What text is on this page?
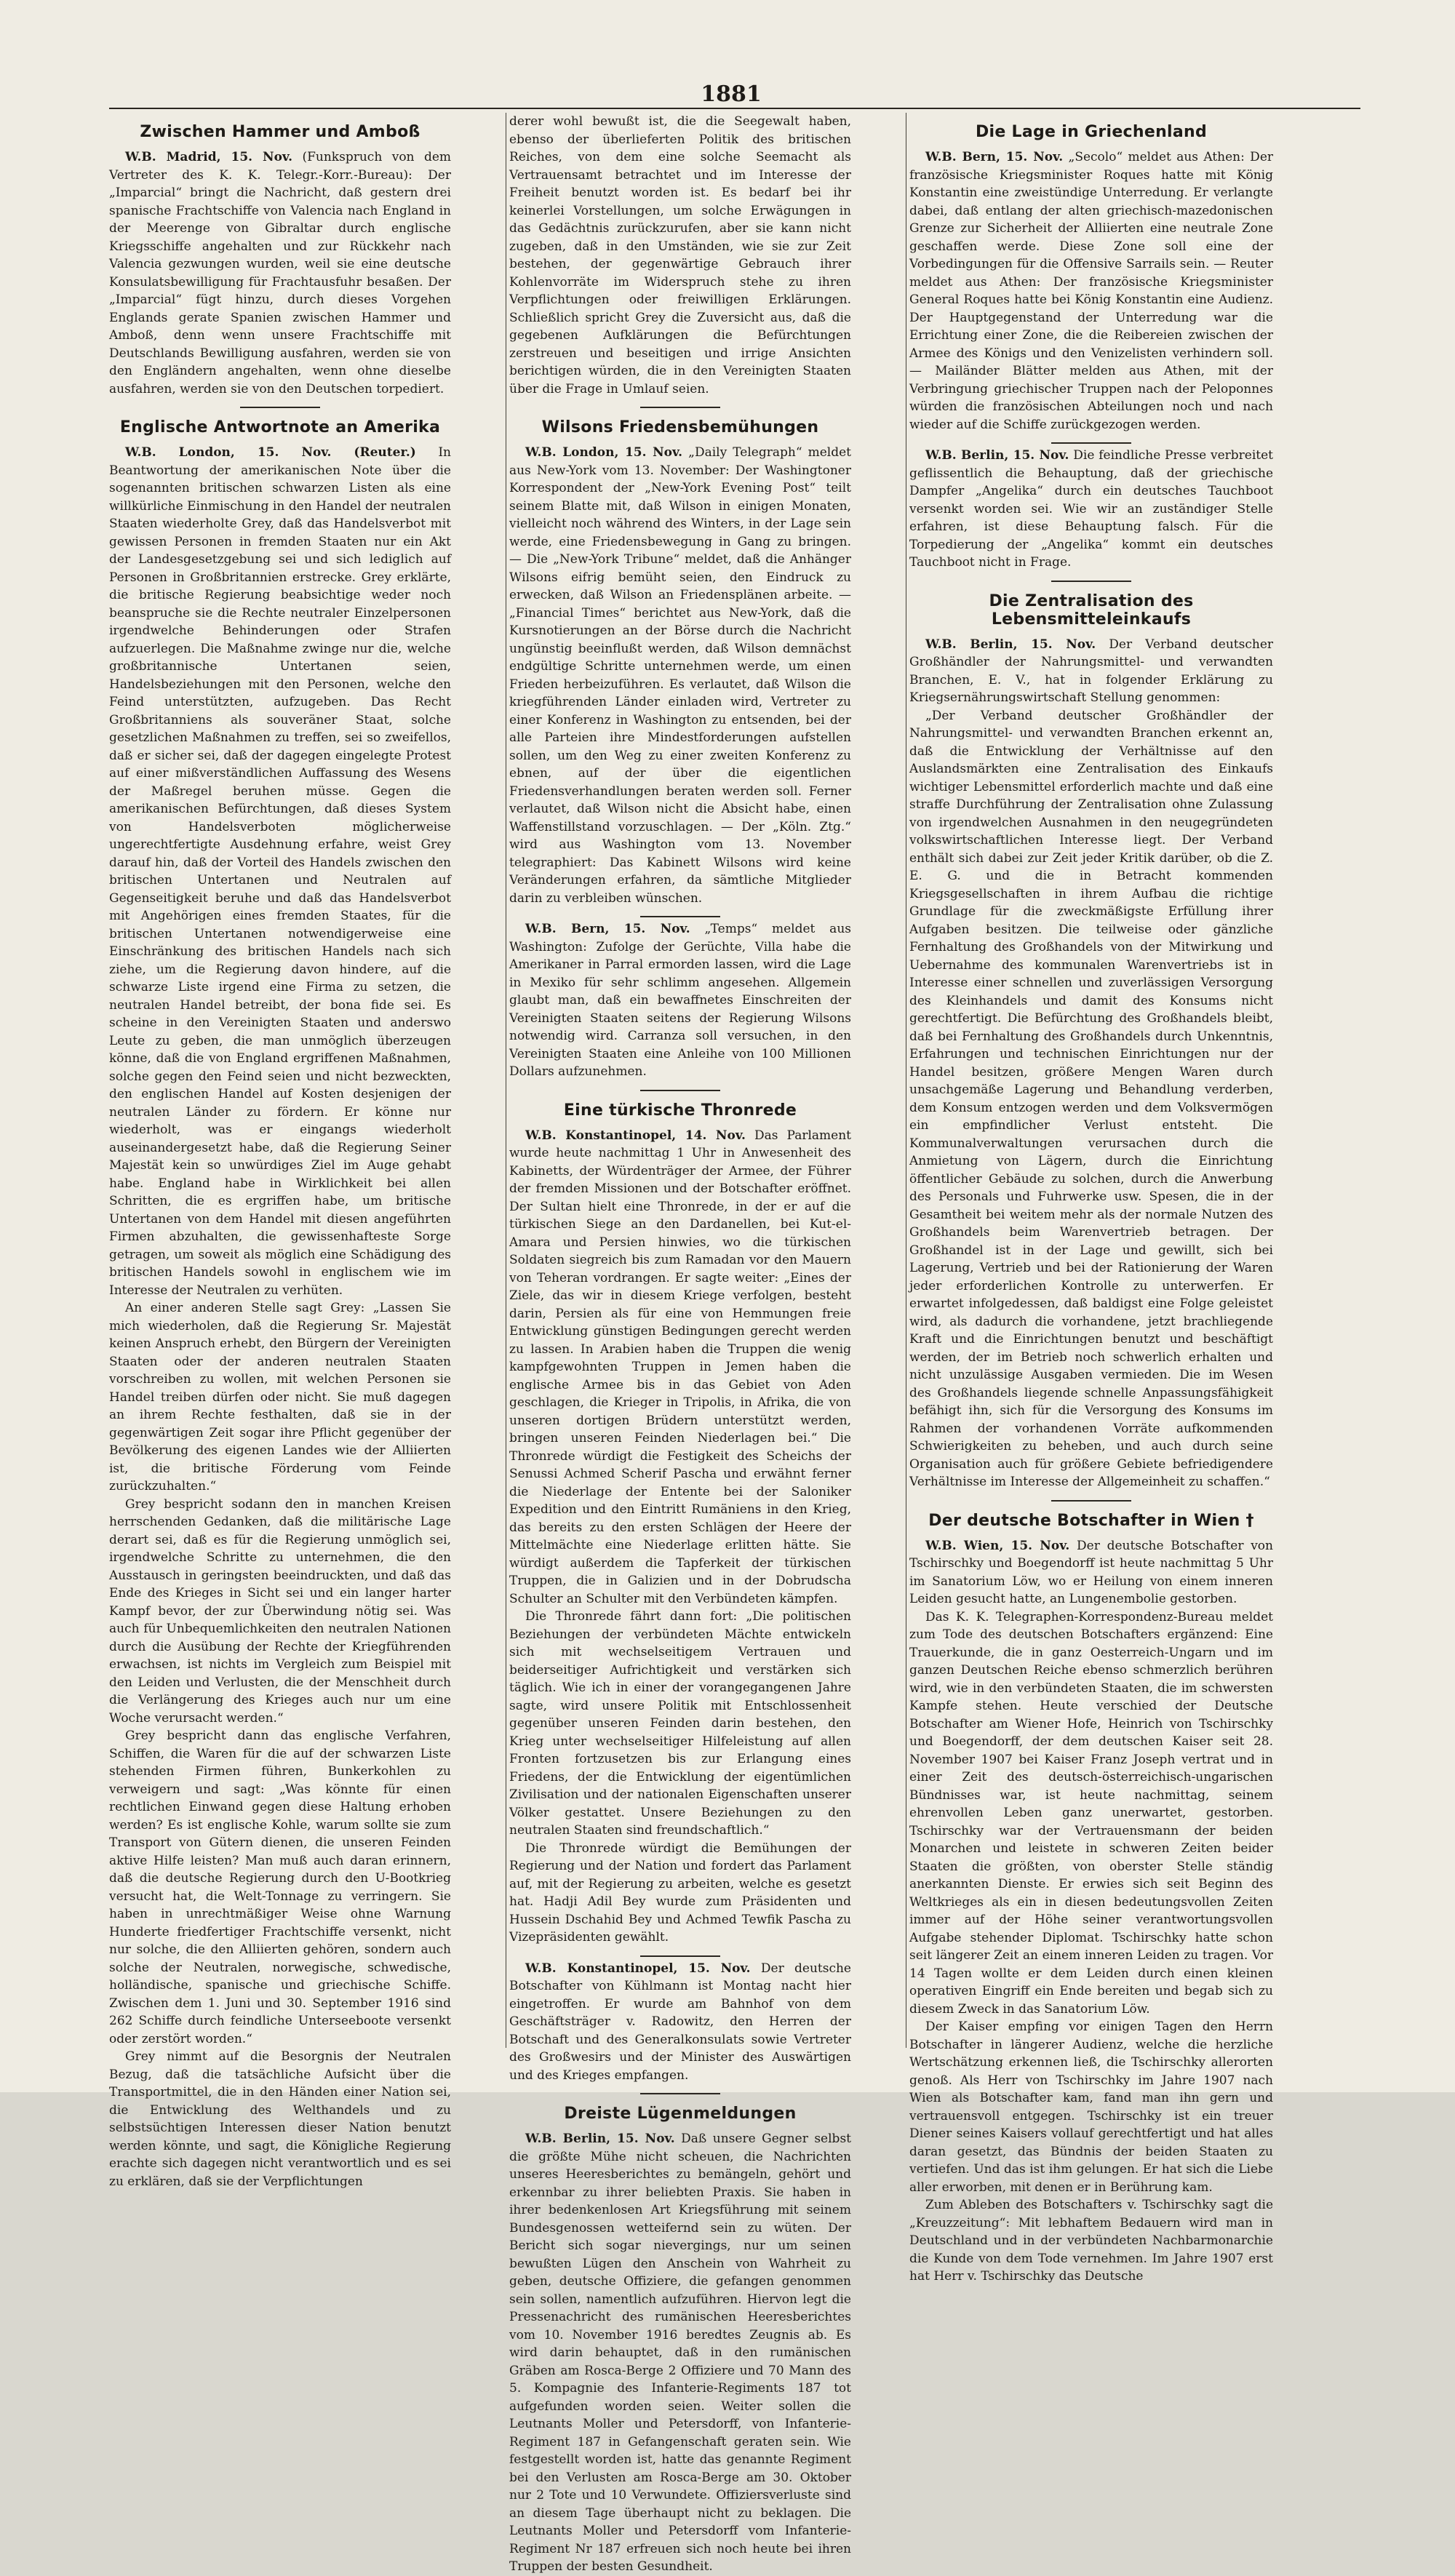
1881
Zwischen Hammer und Amboß

W.B. Madrid, 15. Nov. (Funkspruch von dem Vertreter des K. K. Telegr.-Korr.-Bureau): Der „Imparcial“ bringt die Nachricht, daß gestern drei spanische Frachtschiffe von Valencia nach England in der Meerenge von Gibraltar durch englische Kriegsschiffe angehalten und zur Rückkehr nach Valencia gezwungen wurden, weil sie eine deutsche Konsulatsbewilligung für Frachtausfuhr besaßen. Der „Imparcial“ fügt hinzu, durch dieses Vorgehen Englands gerate Spanien zwischen Hammer und Amboß, denn wenn unsere Frachtschiffe mit Deutschlands Bewilligung ausfahren, werden sie von den Engländern angehalten, wenn ohne dieselbe ausfahren, werden sie von den Deutschen torpediert.

Englische Antwortnote an Amerika

W.B. London, 15. Nov. (Reuter.) In Beantwortung der amerikanischen Note über die sogenannten britischen schwarzen Listen als eine willkürliche Einmischung in den Handel der neutralen Staaten wiederholte Grey, daß das Handelsverbot mit gewissen Personen in fremden Staaten nur ein Akt der Landesgesetzgebung sei und sich lediglich auf Personen in Großbritannien erstrecke. Grey erklärte, die britische Regierung beabsichtige weder noch beanspruche sie die Rechte neutraler Einzelpersonen irgendwelche Behinderungen oder Strafen aufzuerlegen. Die Maßnahme zwinge nur die, welche großbritannische Untertanen seien, Handelsbeziehungen mit den Personen, welche den Feind unterstützten, aufzugeben. Das Recht Großbritanniens als souveräner Staat, solche gesetzlichen Maßnahmen zu treffen, sei so zweifellos, daß er sicher sei, daß der dagegen eingelegte Protest auf einer mißverständlichen Auffassung des Wesens der Maßregel beruhen müsse. Gegen die amerikanischen Befürchtungen, daß dieses System von Handelsverboten möglicherweise ungerechtfertigte Ausdehnung erfahre, weist Grey darauf hin, daß der Vorteil des Handels zwischen den britischen Untertanen und Neutralen auf Gegenseitigkeit beruhe und daß das Handelsverbot mit Angehörigen eines fremden Staates, für die britischen Untertanen notwendigerweise eine Einschränkung des britischen Handels nach sich ziehe, um die Regierung davon hindere, auf die schwarze Liste irgend eine Firma zu setzen, die neutralen Handel betreibt, der bona fide sei. Es scheine in den Vereinigten Staaten und anderswo Leute zu geben, die man unmöglich überzeugen könne, daß die von England ergriffenen Maßnahmen, solche gegen den Feind seien und nicht bezweckten, den englischen Handel auf Kosten desjenigen der neutralen Länder zu fördern. Er könne nur wiederholt, was er eingangs wiederholt auseinandergesetzt habe, daß die Regierung Seiner Majestät kein so unwürdiges Ziel im Auge gehabt habe. England habe in Wirklichkeit bei allen Schritten, die es ergriffen habe, um britische Untertanen von dem Handel mit diesen angeführten Firmen abzuhalten, die gewissenhafteste Sorge getragen, um soweit als möglich eine Schädigung des britischen Handels sowohl in englischem wie im Interesse der Neutralen zu verhüten.

An einer anderen Stelle sagt Grey: „Lassen Sie mich wiederholen, daß die Regierung Sr. Majestät keinen Anspruch erhebt, den Bürgern der Vereinigten Staaten oder der anderen neutralen Staaten vorschreiben zu wollen, mit welchen Personen sie Handel treiben dürfen oder nicht. Sie muß dagegen an ihrem Rechte festhalten, daß sie in der gegenwärtigen Zeit sogar ihre Pflicht gegenüber der Bevölkerung des eigenen Landes wie der Alliierten ist, die britische Förderung vom Feinde zurückzuhalten.“

Grey bespricht sodann den in manchen Kreisen herrschenden Gedanken, daß die militärische Lage derart sei, daß es für die Regierung unmöglich sei, irgendwelche Schritte zu unternehmen, die den Ausstausch in geringsten beeindruckten, und daß das Ende des Krieges in Sicht sei und ein langer harter Kampf bevor, der zur Überwindung nötig sei. Was auch für Unbequemlichkeiten den neutralen Nationen durch die Ausübung der Rechte der Kriegführenden erwachsen, ist nichts im Vergleich zum Beispiel mit den Leiden und Verlusten, die der Menschheit durch die Verlängerung des Krieges auch nur um eine Woche verursacht werden.“

Grey bespricht dann das englische Verfahren, Schiffen, die Waren für die auf der schwarzen Liste stehenden Firmen führen, Bunkerkohlen zu verweigern und sagt: „Was könnte für einen rechtlichen Einwand gegen diese Haltung erhoben werden? Es ist englische Kohle, warum sollte sie zum Transport von Gütern dienen, die unseren Feinden aktive Hilfe leisten? Man muß auch daran erinnern, daß die deutsche Regierung durch den U-Bootkrieg versucht hat, die Welt-Tonnage zu verringern. Sie haben in unrechtmäßiger Weise ohne Warnung Hunderte friedfertiger Frachtschiffe versenkt, nicht nur solche, die den Alliierten gehören, sondern auch solche der Neutralen, norwegische, schwedische, holländische, spanische und griechische Schiffe. Zwischen dem 1. Juni und 30. September 1916 sind 262 Schiffe durch feindliche Unterseeboote versenkt oder zerstört worden.“

Grey nimmt auf die Besorgnis der Neutralen Bezug, daß die tatsächliche Aufsicht über die Transportmittel, die in den Händen einer Nation sei, die Entwicklung des Welthandels und zu selbstsüchtigen Interessen dieser Nation benutzt werden könnte, und sagt, die Königliche Regierung erachte sich dagegen nicht verantwortlich und es sei zu erklären, daß sie der Verpflichtungen

derer wohl bewußt ist, die die Seegewalt haben, ebenso der überlieferten Politik des britischen Reiches, von dem eine solche Seemacht als Vertrauensamt betrachtet und im Interesse der Freiheit benutzt worden ist. Es bedarf bei ihr keinerlei Vorstellungen, um solche Erwägungen in das Gedächtnis zurückzurufen, aber sie kann nicht zugeben, daß in den Umständen, wie sie zur Zeit bestehen, der gegenwärtige Gebrauch ihrer Kohlenvorräte im Widerspruch stehe zu ihren Verpflichtungen oder freiwilligen Erklärungen. Schließlich spricht Grey die Zuversicht aus, daß die gegebenen Aufklärungen die Befürchtungen zerstreuen und beseitigen und irrige Ansichten berichtigen würden, die in den Vereinigten Staaten über die Frage in Umlauf seien.

Wilsons Friedensbemühungen

W.B. London, 15. Nov. „Daily Telegraph“ meldet aus New-York vom 13. November: Der Washingtoner Korrespondent der „New-York Evening Post“ teilt seinem Blatte mit, daß Wilson in einigen Monaten, vielleicht noch während des Winters, in der Lage sein werde, eine Friedensbewegung in Gang zu bringen. — Die „New-York Tribune“ meldet, daß die Anhänger Wilsons eifrig bemüht seien, den Eindruck zu erwecken, daß Wilson an Friedensplänen arbeite. — „Financial Times“ berichtet aus New-York, daß die Kursnotierungen an der Börse durch die Nachricht ungünstig beeinflußt werden, daß Wilson demnächst endgültige Schritte unternehmen werde, um einen Frieden herbeizuführen. Es verlautet, daß Wilson die kriegführenden Länder einladen wird, Vertreter zu einer Konferenz in Washington zu entsenden, bei der alle Parteien ihre Mindestforderungen aufstellen sollen, um den Weg zu einer zweiten Konferenz zu ebnen, auf der über die eigentlichen Friedensverhandlungen beraten werden soll. Ferner verlautet, daß Wilson nicht die Absicht habe, einen Waffenstillstand vorzuschlagen. — Der „Köln. Ztg.“ wird aus Washington vom 13. November telegraphiert: Das Kabinett Wilsons wird keine Veränderungen erfahren, da sämtliche Mitglieder darin zu verbleiben wünschen.

W.B. Bern, 15. Nov. „Temps“ meldet aus Washington: Zufolge der Gerüchte, Villa habe die Amerikaner in Parral ermorden lassen, wird die Lage in Mexiko für sehr schlimm angesehen. Allgemein glaubt man, daß ein bewaffnetes Einschreiten der Vereinigten Staaten seitens der Regierung Wilsons notwendig wird. Carranza soll versuchen, in den Vereinigten Staaten eine Anleihe von 100 Millionen Dollars aufzunehmen.

Eine türkische Thronrede

W.B. Konstantinopel, 14. Nov. Das Parlament wurde heute nachmittag 1 Uhr in Anwesenheit des Kabinetts, der Würdenträger der Armee, der Führer der fremden Missionen und der Botschafter eröffnet. Der Sultan hielt eine Thronrede, in der er auf die türkischen Siege an den Dardanellen, bei Kut-el-Amara und Persien hinwies, wo die türkischen Soldaten siegreich bis zum Ramadan vor den Mauern von Teheran vordrangen. Er sagte weiter: „Eines der Ziele, das wir in diesem Kriege verfolgen, besteht darin, Persien als für eine von Hemmungen freie Entwicklung günstigen Bedingungen gerecht werden zu lassen. In Arabien haben die Truppen die wenig kampfgewohnten Truppen in Jemen haben die englische Armee bis in das Gebiet von Aden geschlagen, die Krieger in Tripolis, in Afrika, die von unseren dortigen Brüdern unterstützt werden, bringen unseren Feinden Niederlagen bei.“ Die Thronrede würdigt die Festigkeit des Scheichs der Senussi Achmed Scherif Pascha und erwähnt ferner die Niederlage der Entente bei der Saloniker Expedition und den Eintritt Rumäniens in den Krieg, das bereits zu den ersten Schlägen der Heere der Mittelmächte eine Niederlage erlitten hätte. Sie würdigt außerdem die Tapferkeit der türkischen Truppen, die in Galizien und in der Dobrudscha Schulter an Schulter mit den Verbündeten kämpfen.

Die Thronrede fährt dann fort: „Die politischen Beziehungen der verbündeten Mächte entwickeln sich mit wechselseitigem Vertrauen und beiderseitiger Aufrichtigkeit und verstärken sich täglich. Wie ich in einer der vorangegangenen Jahre sagte, wird unsere Politik mit Entschlossenheit gegenüber unseren Feinden darin bestehen, den Krieg unter wechselseitiger Hilfeleistung auf allen Fronten fortzusetzen bis zur Erlangung eines Friedens, der die Entwicklung der eigentümlichen Zivilisation und der nationalen Eigenschaften unserer Völker gestattet. Unsere Beziehungen zu den neutralen Staaten sind freundschaftlich.“

Die Thronrede würdigt die Bemühungen der Regierung und der Nation und fordert das Parlament auf, mit der Regierung zu arbeiten, welche es gesetzt hat. Hadji Adil Bey wurde zum Präsidenten und Hussein Dschahid Bey und Achmed Tewfik Pascha zu Vizepräsidenten gewählt.

W.B. Konstantinopel, 15. Nov. Der deutsche Botschafter von Kühlmann ist Montag nacht hier eingetroffen. Er wurde am Bahnhof von dem Geschäftsträger v. Radowitz, den Herren der Botschaft und des Generalkonsulats sowie Vertreter des Großwesirs und der Minister des Auswärtigen und des Krieges empfangen.

Dreiste Lügenmeldungen

W.B. Berlin, 15. Nov. Daß unsere Gegner selbst die größte Mühe nicht scheuen, die Nachrichten unseres Heeresberichtes zu bemängeln, gehört und erkennbar zu ihrer beliebten Praxis. Sie haben in ihrer bedenkenlosen Art Kriegsführung mit seinem Bundesgenossen wetteifernd sein zu wüten. Der Bericht sich sogar nievergings, nur um seinen bewußten Lügen den Anschein von Wahrheit zu geben, deutsche Offiziere, die gefangen genommen sein sollen, namentlich aufzuführen. Hiervon legt die Pressenachricht des rumänischen Heeresberichtes vom 10. November 1916 beredtes Zeugnis ab. Es wird darin behauptet, daß in den rumänischen Gräben am Rosca-Berge 2 Offiziere und 70 Mann des 5. Kompagnie des Infanterie-Regiments 187 tot aufgefunden worden seien. Weiter sollen die Leutnants Moller und Petersdorff, von Infanterie-Regiment 187 in Gefangenschaft geraten sein. Wie festgestellt worden ist, hatte das genannte Regiment bei den Verlusten am Rosca-Berge am 30. Oktober nur 2 Tote und 10 Verwundete. Offiziersverluste sind an diesem Tage überhaupt nicht zu beklagen. Die Leutnants Moller und Petersdorff vom Infanterie-Regiment Nr 187 erfreuen sich noch heute bei ihren Truppen der besten Gesundheit.

Die Lage in Griechenland

W.B. Bern, 15. Nov. „Secolo“ meldet aus Athen: Der französische Kriegsminister Roques hatte mit König Konstantin eine zweistündige Unterredung. Er verlangte dabei, daß entlang der alten griechisch-mazedonischen Grenze zur Sicherheit der Alliierten eine neutrale Zone geschaffen werde. Diese Zone soll eine der Vorbedingungen für die Offensive Sarrails sein. — Reuter meldet aus Athen: Der französische Kriegsminister General Roques hatte bei König Konstantin eine Audienz. Der Hauptgegenstand der Unterredung war die Errichtung einer Zone, die die Reibereien zwischen der Armee des Königs und den Venizelisten verhindern soll. — Mailänder Blätter melden aus Athen, mit der Verbringung griechischer Truppen nach der Peloponnes würden die französischen Abteilungen noch und nach wieder auf die Schiffe zurückgezogen werden.

W.B. Berlin, 15. Nov. Die feindliche Presse verbreitet geflissentlich die Behauptung, daß der griechische Dampfer „Angelika“ durch ein deutsches Tauchboot versenkt worden sei. Wie wir an zuständiger Stelle erfahren, ist diese Behauptung falsch. Für die Torpedierung der „Angelika“ kommt ein deutsches Tauchboot nicht in Frage.

Die Zentralisation des Lebensmitteleinkaufs

W.B. Berlin, 15. Nov. Der Verband deutscher Großhändler der Nahrungsmittel- und verwandten Branchen, E. V., hat in folgender Erklärung zu Kriegsernährungswirtschaft Stellung genommen:

„Der Verband deutscher Großhändler der Nahrungsmittel- und verwandten Branchen erkennt an, daß die Entwicklung der Verhältnisse auf den Auslandsmärkten eine Zentralisation des Einkaufs wichtiger Lebensmittel erforderlich machte und daß eine straffe Durchführung der Zentralisation ohne Zulassung von irgendwelchen Ausnahmen in den neugegründeten volkswirtschaftlichen Interesse liegt. Der Verband enthält sich dabei zur Zeit jeder Kritik darüber, ob die Z. E. G. und die in Betracht kommenden Kriegsgesellschaften in ihrem Aufbau die richtige Grundlage für die zweckmäßigste Erfüllung ihrer Aufgaben besitzen. Die teilweise oder gänzliche Fernhaltung des Großhandels von der Mitwirkung und Uebernahme des kommunalen Warenvertriebs ist in Interesse einer schnellen und zuverlässigen Versorgung des Kleinhandels und damit des Konsums nicht gerechtfertigt. Die Befürchtung des Großhandels bleibt, daß bei Fernhaltung des Großhandels durch Unkenntnis, Erfahrungen und technischen Einrichtungen nur der Handel besitzen, größere Mengen Waren durch unsachgemäße Lagerung und Behandlung verderben, dem Konsum entzogen werden und dem Volksvermögen ein empfindlicher Verlust entsteht. Die Kommunalverwaltungen verursachen durch die Anmietung von Lägern, durch die Einrichtung öffentlicher Gebäude zu solchen, durch die Anwerbung des Personals und Fuhrwerke usw. Spesen, die in der Gesamtheit bei weitem mehr als der normale Nutzen des Großhandels beim Warenvertrieb betragen. Der Großhandel ist in der Lage und gewillt, sich bei Lagerung, Vertrieb und bei der Rationierung der Waren jeder erforderlichen Kontrolle zu unterwerfen. Er erwartet infolgedessen, daß baldigst eine Folge geleistet wird, als dadurch die vorhandene, jetzt brachliegende Kraft und die Einrichtungen benutzt und beschäftigt werden, der im Betrieb noch schwerlich erhalten und nicht unzulässige Ausgaben vermieden. Die im Wesen des Großhandels liegende schnelle Anpassungsfähigkeit befähigt ihn, sich für die Versorgung des Konsums im Rahmen der vorhandenen Vorräte aufkommenden Schwierigkeiten zu beheben, und auch durch seine Organisation auch für größere Gebiete befriedigendere Verhältnisse im Interesse der Allgemeinheit zu schaffen.“

Der deutsche Botschafter in Wien †

W.B. Wien, 15. Nov. Der deutsche Botschafter von Tschirschky und Boegendorff ist heute nachmittag 5 Uhr im Sanatorium Löw, wo er Heilung von einem inneren Leiden gesucht hatte, an Lungenembolie gestorben.

Das K. K. Telegraphen-Korrespondenz-Bureau meldet zum Tode des deutschen Botschafters ergänzend: Eine Trauerkunde, die in ganz Oesterreich-Ungarn und im ganzen Deutschen Reiche ebenso schmerzlich berühren wird, wie in den verbündeten Staaten, die im schwersten Kampfe stehen. Heute verschied der Deutsche Botschafter am Wiener Hofe, Heinrich von Tschirschky und Boegendorff, der dem deutschen Kaiser seit 28. November 1907 bei Kaiser Franz Joseph vertrat und in einer Zeit des deutsch-österreichisch-ungarischen Bündnisses war, ist heute nachmittag, seinem ehrenvollen Leben ganz unerwartet, gestorben. Tschirschky war der Vertrauensmann der beiden Monarchen und leistete in schweren Zeiten beider Staaten die größten, von oberster Stelle ständig anerkannten Dienste. Er erwies sich seit Beginn des Weltkrieges als ein in diesen bedeutungsvollen Zeiten immer auf der Höhe seiner verantwortungsvollen Aufgabe stehender Diplomat. Tschirschky hatte schon seit längerer Zeit an einem inneren Leiden zu tragen. Vor 14 Tagen wollte er dem Leiden durch einen kleinen operativen Eingriff ein Ende bereiten und begab sich zu diesem Zweck in das Sanatorium Löw.

Der Kaiser empfing vor einigen Tagen den Herrn Botschafter in längerer Audienz, welche die herzliche Wertschätzung erkennen ließ, die Tschirschky allerorten genoß. Als Herr von Tschirschky im Jahre 1907 nach Wien als Botschafter kam, fand man ihn gern und vertrauensvoll entgegen. Tschirschky ist ein treuer Diener seines Kaisers vollauf gerechtfertigt und hat alles daran gesetzt, das Bündnis der beiden Staaten zu vertiefen. Und das ist ihm gelungen. Er hat sich die Liebe aller erworben, mit denen er in Berührung kam.

Zum Ableben des Botschafters v. Tschirschky sagt die „Kreuzzeitung“: Mit lebhaftem Bedauern wird man in Deutschland und in der verbündeten Nachbarmonarchie die Kunde von dem Tode vernehmen. Im Jahre 1907 erst hat Herr v. Tschirschky das Deutsche
